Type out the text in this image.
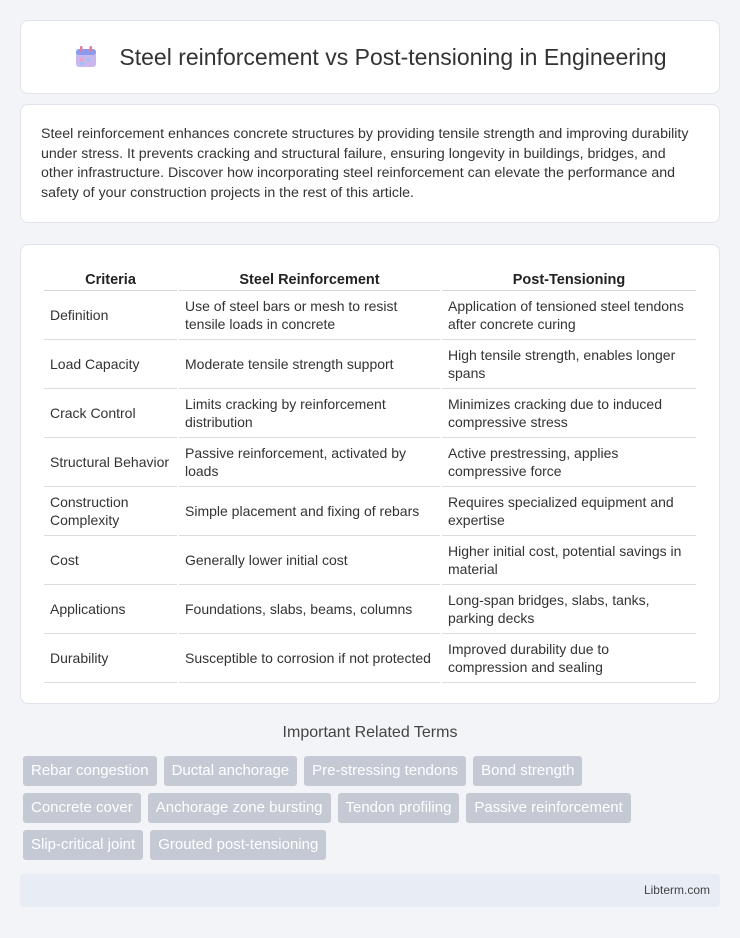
Steel reinforcement vs Post-tensioning in Engineering

Steel reinforcement enhances concrete structures by providing tensile strength and improving durability under stress. It prevents cracking and structural failure, ensuring longevity in buildings, bridges, and other infrastructure. Discover how incorporating steel reinforcement can elevate the performance and safety of your construction projects in the rest of this article.

Criteria	Steel Reinforcement	Post-Tensioning
Definition	Use of steel bars or mesh to resist tensile loads in concrete	Application of tensioned steel tendons after concrete curing
Load Capacity	Moderate tensile strength support	High tensile strength, enables longer spans
Crack Control	Limits cracking by reinforcement distribution	Minimizes cracking due to induced compressive stress
Structural Behavior	Passive reinforcement, activated by loads	Active prestressing, applies compressive force
Construction Complexity	Simple placement and fixing of rebars	Requires specialized equipment and expertise
Cost	Generally lower initial cost	Higher initial cost, potential savings in material
Applications	Foundations, slabs, beams, columns	Long-span bridges, slabs, tanks, parking decks
Durability	Susceptible to corrosion if not protected	Improved durability due to compression and sealing
Important Related Terms
Rebar congestion	Ductal anchorage	Pre-stressing tendons	Bond strength
Concrete cover	Anchorage zone bursting	Tendon profiling	Passive reinforcement
Slip-critical joint	Grouted post-tensioning
Libterm.com
